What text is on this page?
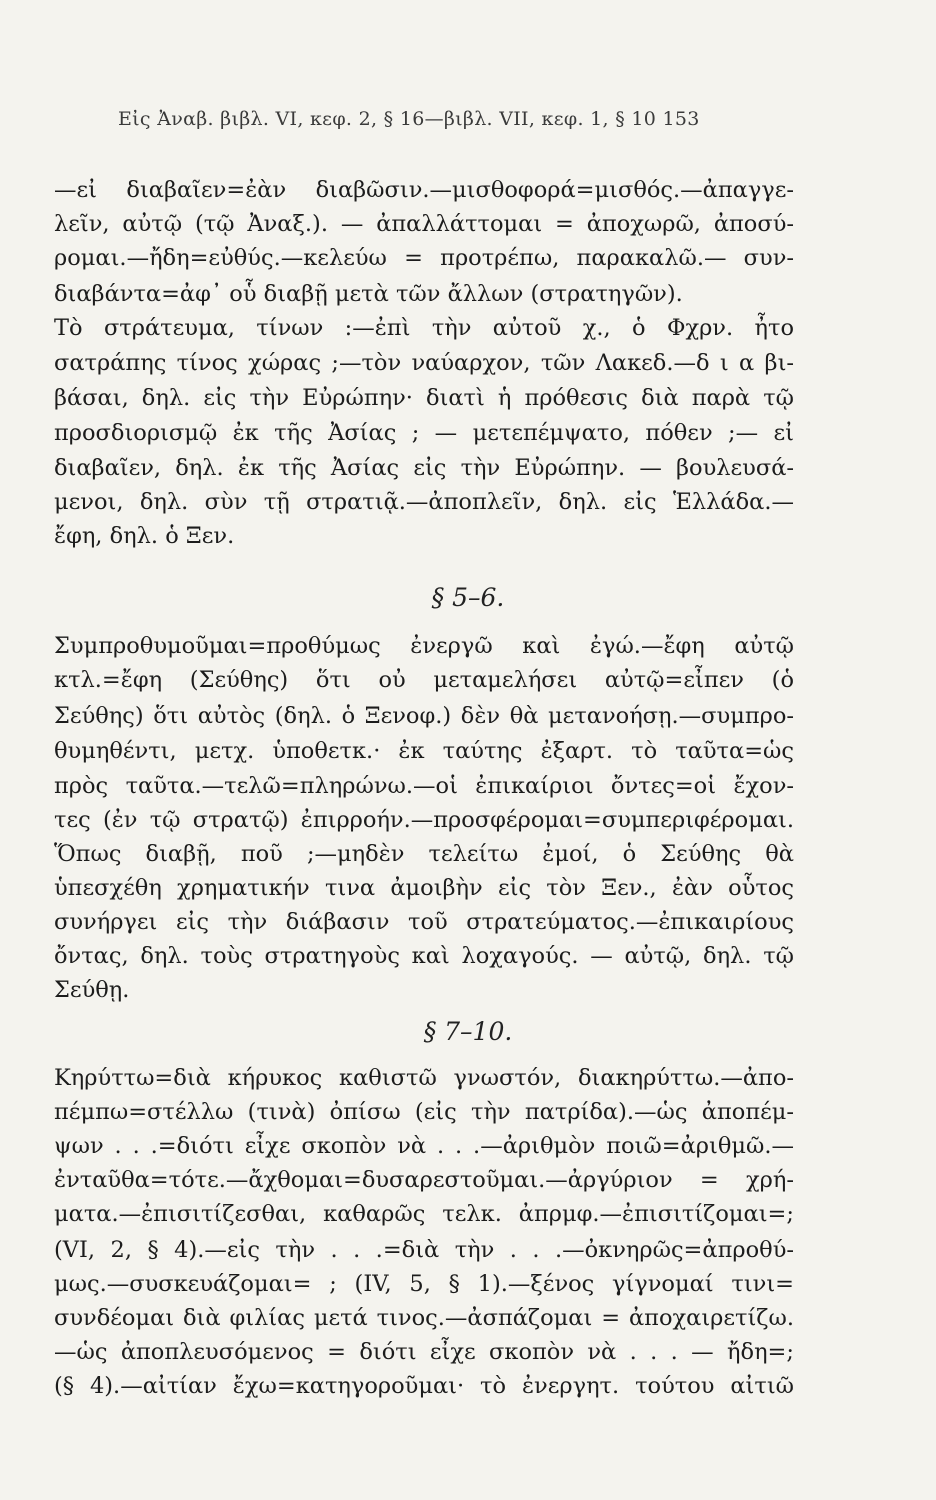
Εἰς Ἀναβ. βιβλ. VI, κεφ. 2, § 16—βιβλ. VII, κεφ. 1, § 10 153
—εἰ διαβαῖεν=ἐὰν διαβῶσιν.—μισθοφορά=μισθός.—ἀπαγγε-
λεῖν, αὐτῷ (τῷ Ἀναξ.). — ἀπαλλάττομαι = ἀποχωρῶ, ἀποσύ-
ρομαι.—ἤδη=εὐθύς.—κελεύω = προτρέπω, παρακαλῶ.— συν-
διαβάντα=ἀφ᾽ οὗ διαβῇ μετὰ τῶν ἄλλων (στρατηγῶν).
Τὸ στράτευμα, τίνων :—ἐπὶ τὴν αὐτοῦ χ., ὁ Φχρν. ἦτο
σατράπης τίνος χώρας ;—τὸν ναύαρχον, τῶν Λακεδ.—δ ι α βι-
βάσαι, δηλ. εἰς τὴν Εὐρώπην· διατὶ ἡ πρόθεσις διὰ παρὰ τῷ
προσδιορισμῷ ἐκ τῆς Ἀσίας ; — μετεπέμψατο, πόθεν ;— εἰ
διαβαῖεν, δηλ. ἐκ τῆς Ἀσίας εἰς τὴν Εὐρώπην. — βουλευσά-
μενοι, δηλ. σὺν τῇ στρατιᾷ.—ἀποπλεῖν, δηλ. εἰς Ἑλλάδα.—
ἔφη, δηλ. ὁ Ξεν.
§ 5–6.
Συμπροθυμοῦμαι=προθύμως ἐνεργῶ καὶ ἐγώ.—ἔφη αὐτῷ
κτλ.=ἔφη (Σεύθης) ὅτι οὐ μεταμελήσει αὐτῷ=εἶπεν (ὁ
Σεύθης) ὅτι αὐτὸς (δηλ. ὁ Ξενοφ.) δὲν θὰ μετανοήσῃ.—συμπρο-
θυμηθέντι, μετχ. ὑποθετκ.· ἐκ ταύτης ἐξαρτ. τὸ ταῦτα=ὡς
πρὸς ταῦτα.—τελῶ=πληρώνω.—οἱ ἐπικαίριοι ὄντες=οἱ ἔχον-
τες (ἐν τῷ στρατῷ) ἐπιρροήν.—προσφέρομαι=συμπεριφέρομαι.
Ὅπως διαβῇ, ποῦ ;—μηδὲν τελείτω ἐμοί, ὁ Σεύθης θὰ
ὑπεσχέθη χρηματικήν τινα ἀμοιβὴν εἰς τὸν Ξεν., ἐὰν οὗτος
συνήργει εἰς τὴν διάβασιν τοῦ στρατεύματος.—ἐπικαιρίους
ὄντας, δηλ. τοὺς στρατηγοὺς καὶ λοχαγούς. — αὐτῷ, δηλ. τῷ
Σεύθῃ.
§ 7–10.
Κηρύττω=διὰ κήρυκος καθιστῶ γνωστόν, διακηρύττω.—ἀπο-
πέμπω=στέλλω (τινὰ) ὀπίσω (εἰς τὴν πατρίδα).—ὡς ἀποπέμ-
ψων . . .=διότι εἶχε σκοπὸν νὰ . . .—ἀριθμὸν ποιῶ=ἀριθμῶ.—
ἐνταῦθα=τότε.—ἄχθομαι=δυσαρεστοῦμαι.—ἀργύριον = χρή-
ματα.—ἐπισιτίζεσθαι, καθαρῶς τελκ. ἀπρμφ.—ἐπισιτίζομαι=;
(VI, 2, § 4).—εἰς τὴν . . .=διὰ τὴν . . .—ὀκνηρῶς=ἀπροθύ-
μως.—συσκευάζομαι= ; (IV, 5, § 1).—ξένος γίγνομαί τινι=
συνδέομαι διὰ φιλίας μετά τινος.—ἀσπάζομαι = ἀποχαιρετίζω.
—ὡς ἀποπλευσόμενος = διότι εἶχε σκοπὸν νὰ . . . — ἤδη=;
(§ 4).—αἰτίαν ἔχω=κατηγοροῦμαι· τὸ ἐνεργητ. τούτου αἰτιῶ
